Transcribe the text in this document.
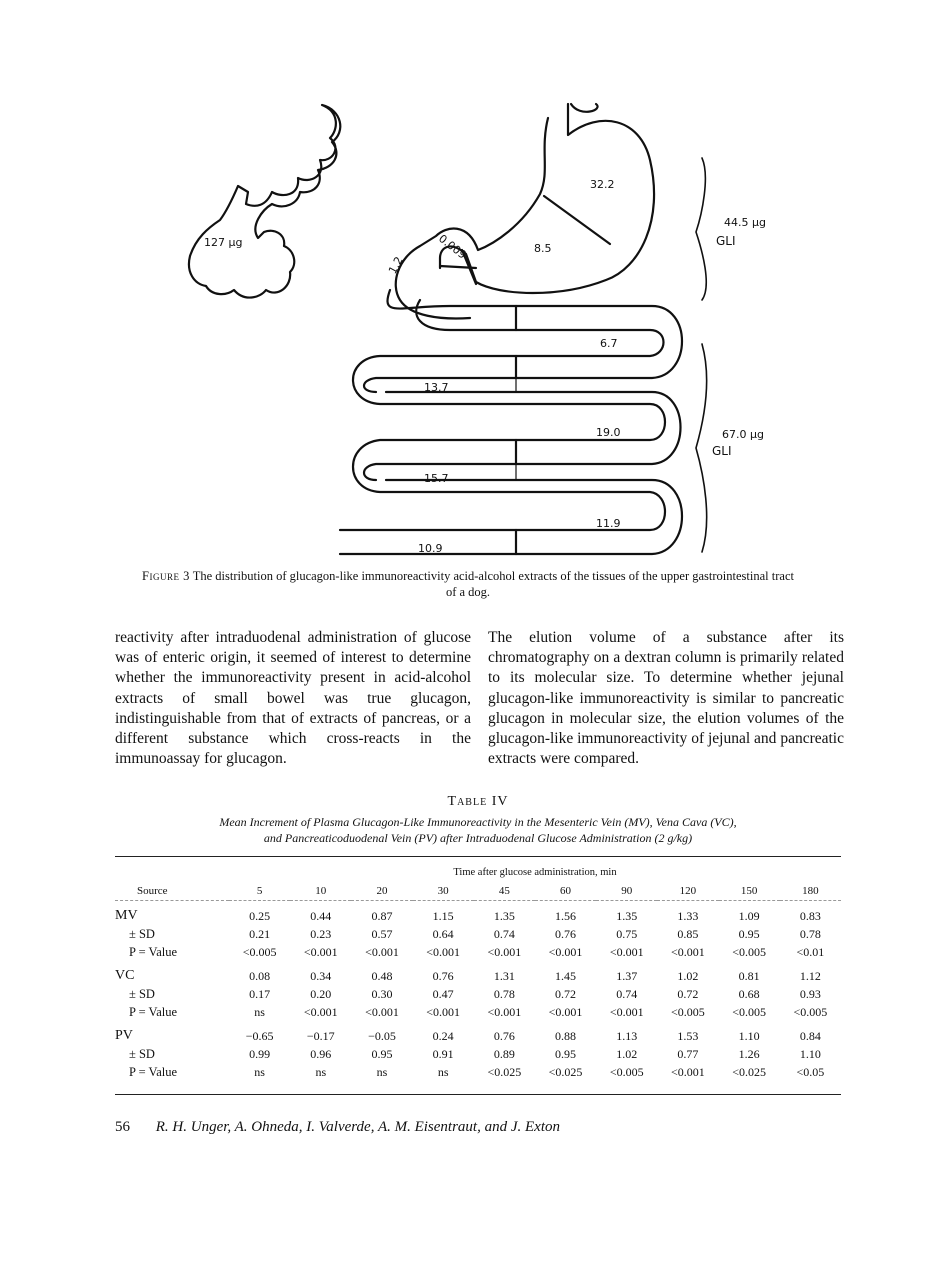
127 μg
32.2
8.5
0.009
1.2
44.5 μg
GLI
6.7
13.7
19.0
15.7
11.9
10.9
67.0 μg
GLI
Figure 3 The distribution of glucagon-like immunoreactivity acid-alcohol extracts of the tissues of the upper gastrointestinal tract of a dog.
reactivity after intraduodenal administration of glucose was of enteric origin, it seemed of interest to determine whether the immunoreactivity present in acid-alcohol extracts of small bowel was true glucagon, indistinguishable from that of extracts of pancreas, or a different substance which cross-reacts in the immunoassay for glucagon.
The elution volume of a substance after its chromatography on a dextran column is primarily related to its molecular size. To determine whether jejunal glucagon-like immunoreactivity is similar to pancreatic glucagon in molecular size, the elution volumes of the glucagon-like immunoreactivity of jejunal and pancreatic extracts were compared.
Table IV
Mean Increment of Plasma Glucagon-Like Immunoreactivity in the Mesenteric Vein (MV), Vena Cava (VC),
and Pancreaticoduodenal Vein (PV) after Intraduodenal Glucose Administration (2 g/kg)
	Time after glucose administration, min									
Source	5	10	20	30	45	60	90	120	150	180

MV	0.25	0.44	0.87	1.15	1.35	1.56	1.35	1.33	1.09	0.83
± SD	0.21	0.23	0.57	0.64	0.74	0.76	0.75	0.85	0.95	0.78
P = Value	<0.005	<0.001	<0.001	<0.001	<0.001	<0.001	<0.001	<0.001	<0.005	<0.01

VC	0.08	0.34	0.48	0.76	1.31	1.45	1.37	1.02	0.81	1.12
± SD	0.17	0.20	0.30	0.47	0.78	0.72	0.74	0.72	0.68	0.93
P = Value	ns	<0.001	<0.001	<0.001	<0.001	<0.001	<0.001	<0.005	<0.005	<0.005

PV	−0.65	−0.17	−0.05	0.24	0.76	0.88	1.13	1.53	1.10	0.84
± SD	0.99	0.96	0.95	0.91	0.89	0.95	1.02	0.77	1.26	1.10
P = Value	ns	ns	ns	ns	<0.025	<0.025	<0.005	<0.001	<0.025	<0.05
56 R. H. Unger, A. Ohneda, I. Valverde, A. M. Eisentraut, and J. Exton
